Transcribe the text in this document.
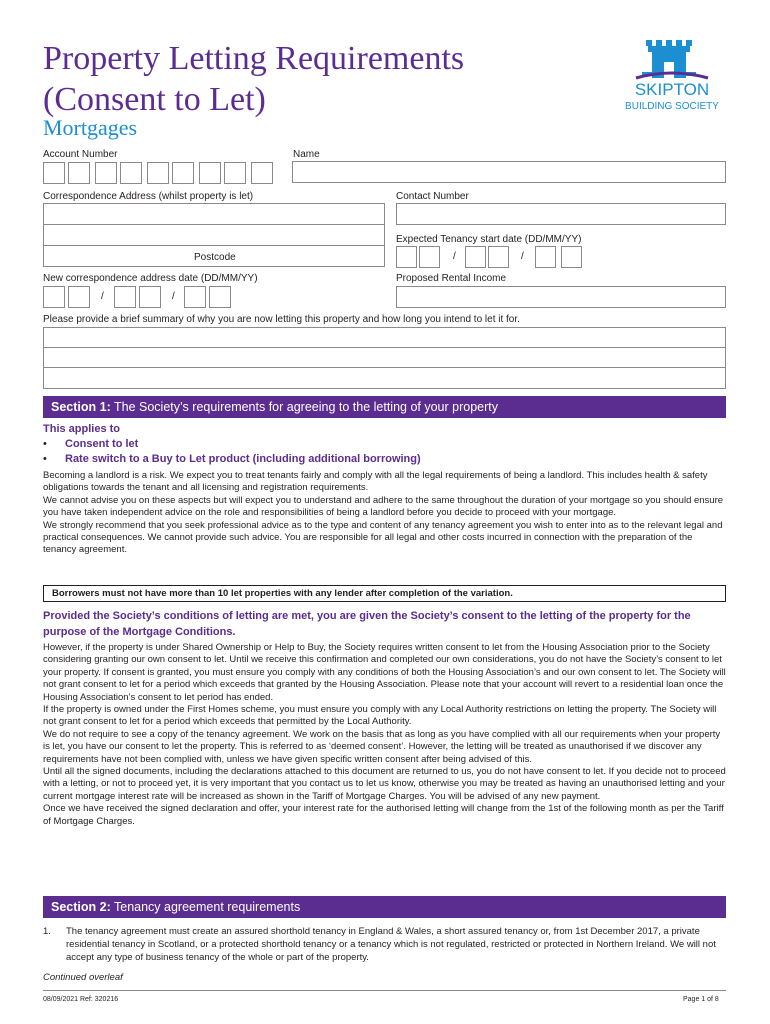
Property Letting Requirements
(Consent to Let)
Mortgages
SKIPTON
BUILDING SOCIETY
Account Number	Name
Correspondence Address (whilst property is let)	Contact Number
Postcode
Expected Tenancy start date (DD/MM/YY)
/	/
New correspondence address date (DD/MM/YY)	Proposed Rental Income
/	/
Please provide a brief summary of why you are now letting this property and how long you intend to let it for.
Section 1: The Society’s requirements for agreeing to the letting of your property
This applies to
• Consent to let
• Rate switch to a Buy to Let product (including additional borrowing)

Becoming a landlord is a risk. We expect you to treat tenants fairly and comply with all the legal requirements of being a landlord. This includes health & safety obligations towards the tenant and all licensing and registration requirements.

We cannot advise you on these aspects but will expect you to understand and adhere to the same throughout the duration of your mortgage so you should ensure you have taken independent advice on the role and responsibilities of being a landlord before you decide to proceed with your mortgage.

We strongly recommend that you seek professional advice as to the type and content of any tenancy agreement you wish to enter into as to the relevant legal and practical consequences. We cannot provide such advice. You are responsible for all legal and other costs incurred in connection with the preparation of the tenancy agreement.

Borrowers must not have more than 10 let properties with any lender after completion of the variation.

Provided the Society’s conditions of letting are met, you are given the Society’s consent to the letting of the property for the purpose of the Mortgage Conditions.

However, if the property is under Shared Ownership or Help to Buy, the Society requires written consent to let from the Housing Association prior to the Society considering granting our own consent to let. Until we receive this confirmation and completed our own considerations, you do not have the Society’s consent to let your property. If consent is granted, you must ensure you comply with any conditions of both the Housing Association’s and our own consent to let. The Society will not grant consent to let for a period which exceeds that granted by the Housing Association. Please note that your account will revert to a residential loan once the Housing Association’s consent to let period has ended.

If the property is owned under the First Homes scheme, you must ensure you comply with any Local Authority restrictions on letting the property. The Society will not grant consent to let for a period which exceeds that permitted by the Local Authority.

We do not require to see a copy of the tenancy agreement. We work on the basis that as long as you have complied with all our requirements when your property is let, you have our consent to let the property. This is referred to as ‘deemed consent’. However, the letting will be treated as unauthorised if we discover any requirements have not been complied with, unless we have given specific written consent after being advised of this.

Until all the signed documents, including the declarations attached to this document are returned to us, you do not have consent to let. If you decide not to proceed with a letting, or not to proceed yet, it is very important that you contact us to let us know, otherwise you may be treated as having an unauthorised letting and your current mortgage interest rate will be increased as shown in the Tariff of Mortgage Charges. You will be advised of any new payment.

Once we have received the signed declaration and offer, your interest rate for the authorised letting will change from the 1st of the following month as per the Tariff of Mortgage Charges.

Section 2: Tenancy agreement requirements
1. The tenancy agreement must create an assured shorthold tenancy in England & Wales, a short assured tenancy or, from 1st December 2017, a private residential tenancy in Scotland, or a protected shorthold tenancy or a tenancy which is not regulated, restricted or protected in Northern Ireland. We will not accept any type of business tenancy of the whole or part of the property.
Continued overleaf
08/09/2021 Ref: 320216	Page 1 of 8
